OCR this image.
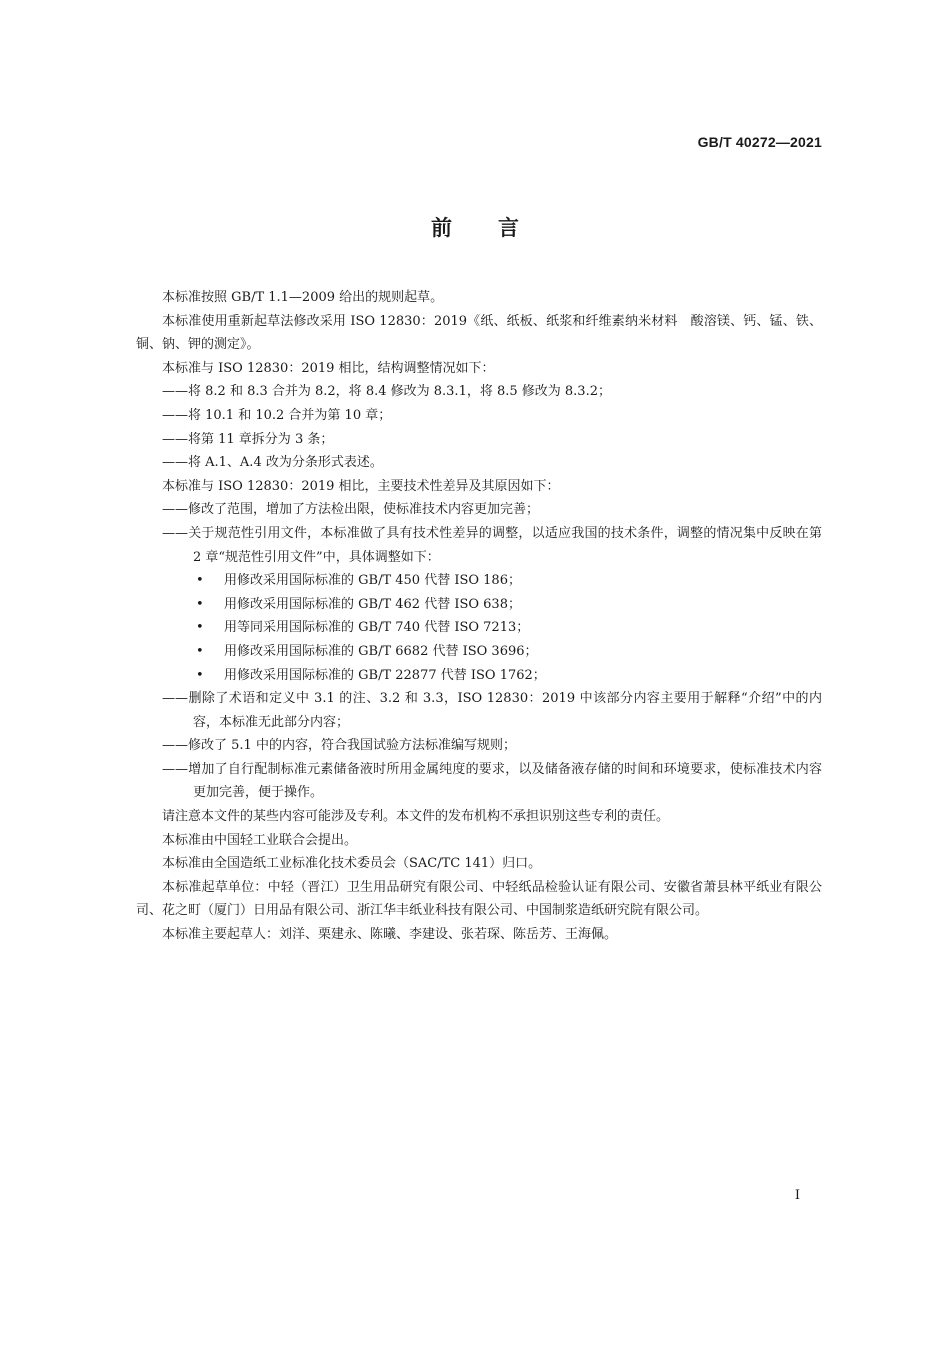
GB/T 40272—2021
前言

本标准按照 GB/T 1.1—2009 给出的规则起草。

本标准使用重新起草法修改采用 ISO 12830：2019《纸、纸板、纸浆和纤维素纳米材料　酸溶镁、钙、锰、铁、铜、钠、钾的测定》。

本标准与 ISO 12830：2019 相比，结构调整情况如下：

——将 8.2 和 8.3 合并为 8.2，将 8.4 修改为 8.3.1，将 8.5 修改为 8.3.2；

——将 10.1 和 10.2 合并为第 10 章；

——将第 11 章拆分为 3 条；

——将 A.1、A.4 改为分条形式表述。

本标准与 ISO 12830：2019 相比，主要技术性差异及其原因如下：

——修改了范围，增加了方法检出限，使标准技术内容更加完善；

——关于规范性引用文件，本标准做了具有技术性差异的调整，以适应我国的技术条件，调整的情况集中反映在第 2 章“规范性引用文件”中，具体调整如下：

• 用修改采用国际标准的 GB/T 450 代替 ISO 186；

• 用修改采用国际标准的 GB/T 462 代替 ISO 638；

• 用等同采用国际标准的 GB/T 740 代替 ISO 7213；

• 用修改采用国际标准的 GB/T 6682 代替 ISO 3696；

• 用修改采用国际标准的 GB/T 22877 代替 ISO 1762；

——删除了术语和定义中 3.1 的注、3.2 和 3.3，ISO 12830：2019 中该部分内容主要用于解释“介绍”中的内容，本标准无此部分内容；

——修改了 5.1 中的内容，符合我国试验方法标准编写规则；

——增加了自行配制标准元素储备液时所用金属纯度的要求，以及储备液存储的时间和环境要求，使标准技术内容更加完善，便于操作。

请注意本文件的某些内容可能涉及专利。本文件的发布机构不承担识别这些专利的责任。

本标准由中国轻工业联合会提出。

本标准由全国造纸工业标准化技术委员会（SAC/TC 141）归口。

本标准起草单位：中轻（晋江）卫生用品研究有限公司、中轻纸品检验认证有限公司、安徽省萧县林平纸业有限公司、花之町（厦门）日用品有限公司、浙江华丰纸业科技有限公司、中国制浆造纸研究院有限公司。

本标准主要起草人：刘洋、栗建永、陈曦、李建设、张若琛、陈岳芳、王海佩。

I
